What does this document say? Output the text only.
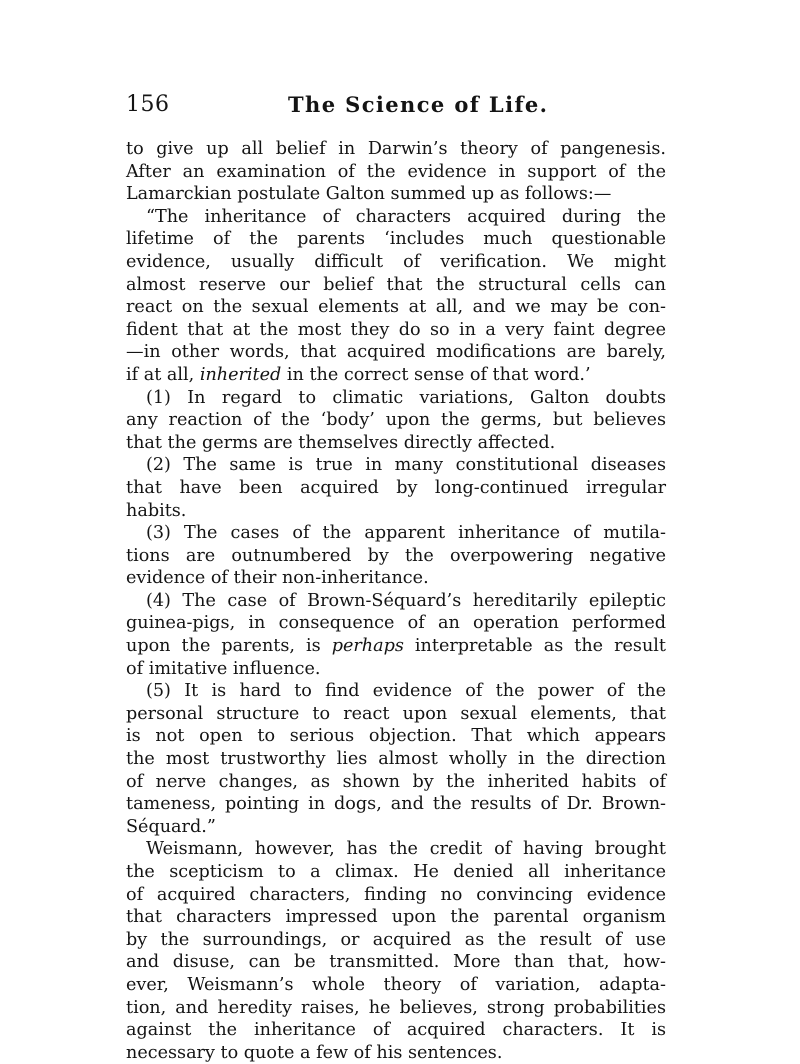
156	The Science of Life.
to give up all belief in Darwin’s theory of pangenesis.
After an examination of the evidence in support of the
Lamarckian postulate Galton summed up as follows:—
“The inheritance of characters acquired during the
lifetime of the parents ‘includes much questionable
evidence, usually difficult of verification. We might
almost reserve our belief that the structural cells can
react on the sexual elements at all, and we may be con-
fident that at the most they do so in a very faint degree
—in other words, that acquired modifications are barely,
if at all, inherited in the correct sense of that word.’
(1) In regard to climatic variations, Galton doubts
any reaction of the ‘body’ upon the germs, but believes
that the germs are themselves directly affected.
(2) The same is true in many constitutional diseases
that have been acquired by long-continued irregular
habits.
(3) The cases of the apparent inheritance of mutila-
tions are outnumbered by the overpowering negative
evidence of their non-inheritance.
(4) The case of Brown-Séquard’s hereditarily epileptic
guinea-pigs, in consequence of an operation performed
upon the parents, is perhaps interpretable as the result
of imitative influence.
(5) It is hard to find evidence of the power of the
personal structure to react upon sexual elements, that
is not open to serious objection. That which appears
the most trustworthy lies almost wholly in the direction
of nerve changes, as shown by the inherited habits of
tameness, pointing in dogs, and the results of Dr. Brown-
Séquard.”
Weismann, however, has the credit of having brought
the scepticism to a climax. He denied all inheritance
of acquired characters, finding no convincing evidence
that characters impressed upon the parental organism
by the surroundings, or acquired as the result of use
and disuse, can be transmitted. More than that, how-
ever, Weismann’s whole theory of variation, adapta-
tion, and heredity raises, he believes, strong probabilities
against the inheritance of acquired characters. It is
necessary to quote a few of his sentences.
